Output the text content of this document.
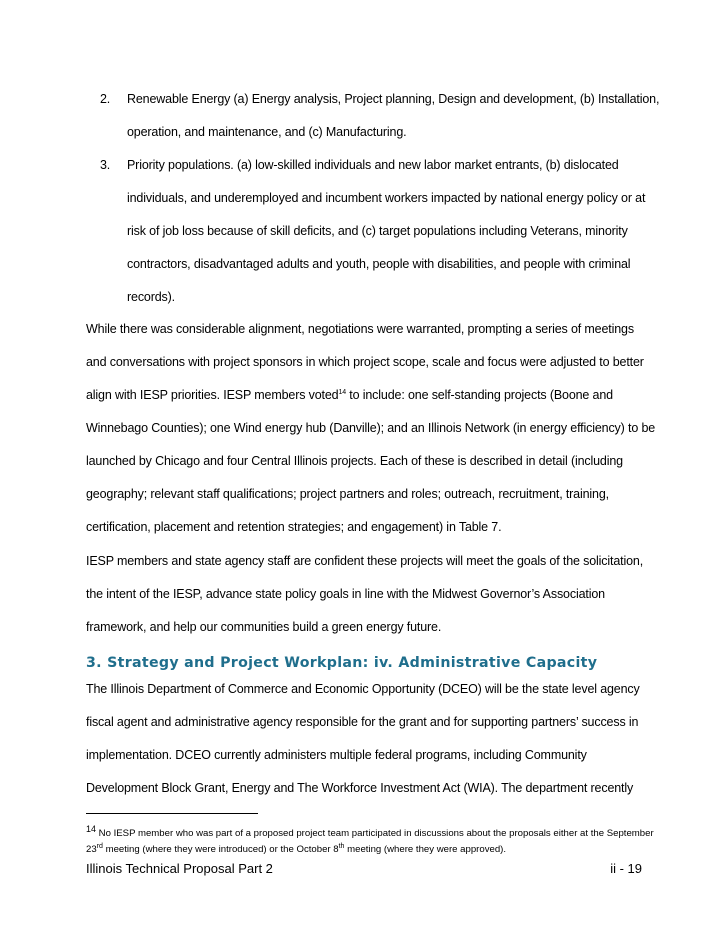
2. Renewable Energy (a) Energy analysis, Project planning, Design and development, (b) Installation, operation, and maintenance, and (c) Manufacturing.
3. Priority populations. (a) low-skilled individuals and new labor market entrants, (b) dislocated individuals, and underemployed and incumbent workers impacted by national energy policy or at risk of job loss because of skill deficits, and (c) target populations including Veterans, minority contractors, disadvantaged adults and youth, people with disabilities, and people with criminal records).

While there was considerable alignment, negotiations were warranted, prompting a series of meetings and conversations with project sponsors in which project scope, scale and focus were adjusted to better align with IESP priorities. IESP members voted$^{14}$ to include: one self-standing projects (Boone and Winnebago Counties); one Wind energy hub (Danville); and an Illinois Network (in energy efficiency) to be launched by Chicago and four Central Illinois projects. Each of these is described in detail (including geography; relevant staff qualifications; project partners and roles; outreach, recruitment, training, certification, placement and retention strategies; and engagement) in Table 7.

IESP members and state agency staff are confident these projects will meet the goals of the solicitation, the intent of the IESP, advance state policy goals in line with the Midwest Governor’s Association framework, and help our communities build a green energy future.

3. Strategy and Project Workplan: iv. Administrative Capacity

The Illinois Department of Commerce and Economic Opportunity (DCEO) will be the state level agency fiscal agent and administrative agency responsible for the grant and for supporting partners’ success in implementation. DCEO currently administers multiple federal programs, including Community Development Block Grant, Energy and The Workforce Investment Act (WIA). The department recently

14 No IESP member who was part of a proposed project team participated in discussions about the proposals either at the September 23rd meeting (where they were introduced) or the October 8th meeting (where they were approved).

Illinois Technical Proposal Part 2	ii - 19
